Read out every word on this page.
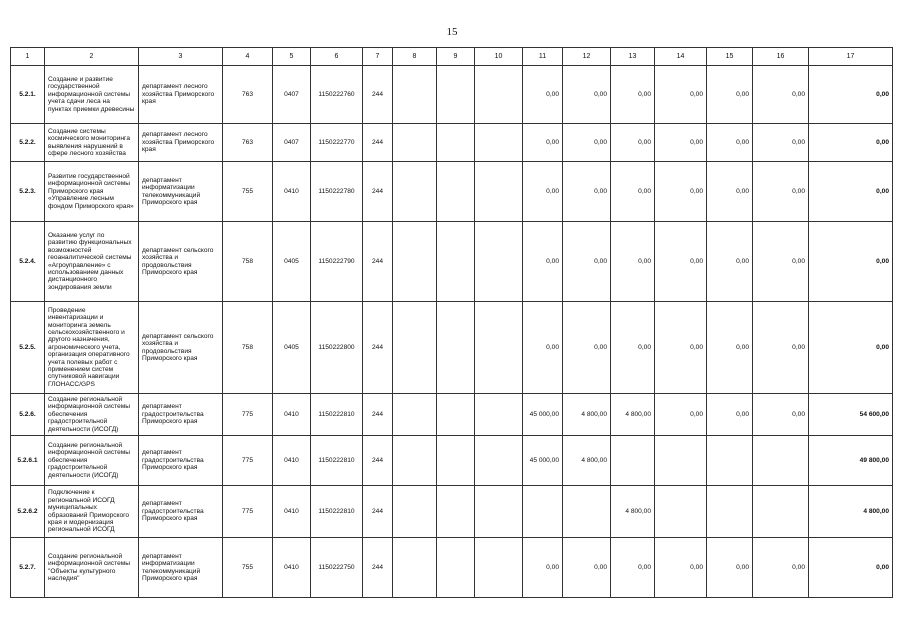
15
1	2	3	4	5	6	7	8	9	10	11	12	13	14	15	16	17
5.2.1.	Создание и развитие государственной информационной системы учета сдачи леса на пунктах приемки древесины	департамент лесного хозяйства Приморского края	763	0407	1150222760	244				0,00	0,00	0,00	0,00	0,00	0,00	0,00
5.2.2.	Создание системы космического мониторинга выявления нарушений в сфере лесного хозяйства	департамент лесного хозяйства Приморского края	763	0407	1150222770	244				0,00	0,00	0,00	0,00	0,00	0,00	0,00
5.2.3.	Развитие государственной информационной системы Приморского края «Управление лесным фондом Приморского края»	департамент информатизации телекоммуникаций Приморского края	755	0410	1150222780	244				0,00	0,00	0,00	0,00	0,00	0,00	0,00
5.2.4.	Оказание услуг по развитию функциональных возможностей геоаналитической системы «Агроуправление» с использованием данных дистанционного зондирования земли	департамент сельского хозяйства и продовольствия Приморского края	758	0405	1150222790	244				0,00	0,00	0,00	0,00	0,00	0,00	0,00
5.2.5.	Проведение инвентаризации и мониторинга земель сельскохозяйственного и другого назначения, агрономического учета, организация оперативного учета полевых работ с применением систем спутниковой навигации ГЛОНАСС/GPS	департамент сельского хозяйства и продовольствия Приморского края	758	0405	1150222800	244				0,00	0,00	0,00	0,00	0,00	0,00	0,00
5.2.6.	Создание региональной информационной системы обеспечения градостроительной деятельности (ИСОГД)	департамент градостроительства Приморского края	775	0410	1150222810	244				45 000,00	4 800,00	4 800,00	0,00	0,00	0,00	54 600,00
5.2.6.1	Создание региональной информационной системы обеспечения градостроительной деятельности (ИСОГД)	департамент градостроительства Приморского края	775	0410	1150222810	244				45 000,00	4 800,00					49 800,00
5.2.6.2	Подключение к региональной ИСОГД муниципальных образований Приморского края и модернизация региональной ИСОГД	департамент градостроительства Приморского края	775	0410	1150222810	244						4 800,00				4 800,00
5.2.7.	Создание региональной информационной системы "Объекты культурного наследия"	департамент информатизации телекоммуникаций Приморского края	755	0410	1150222750	244				0,00	0,00	0,00	0,00	0,00	0,00	0,00
